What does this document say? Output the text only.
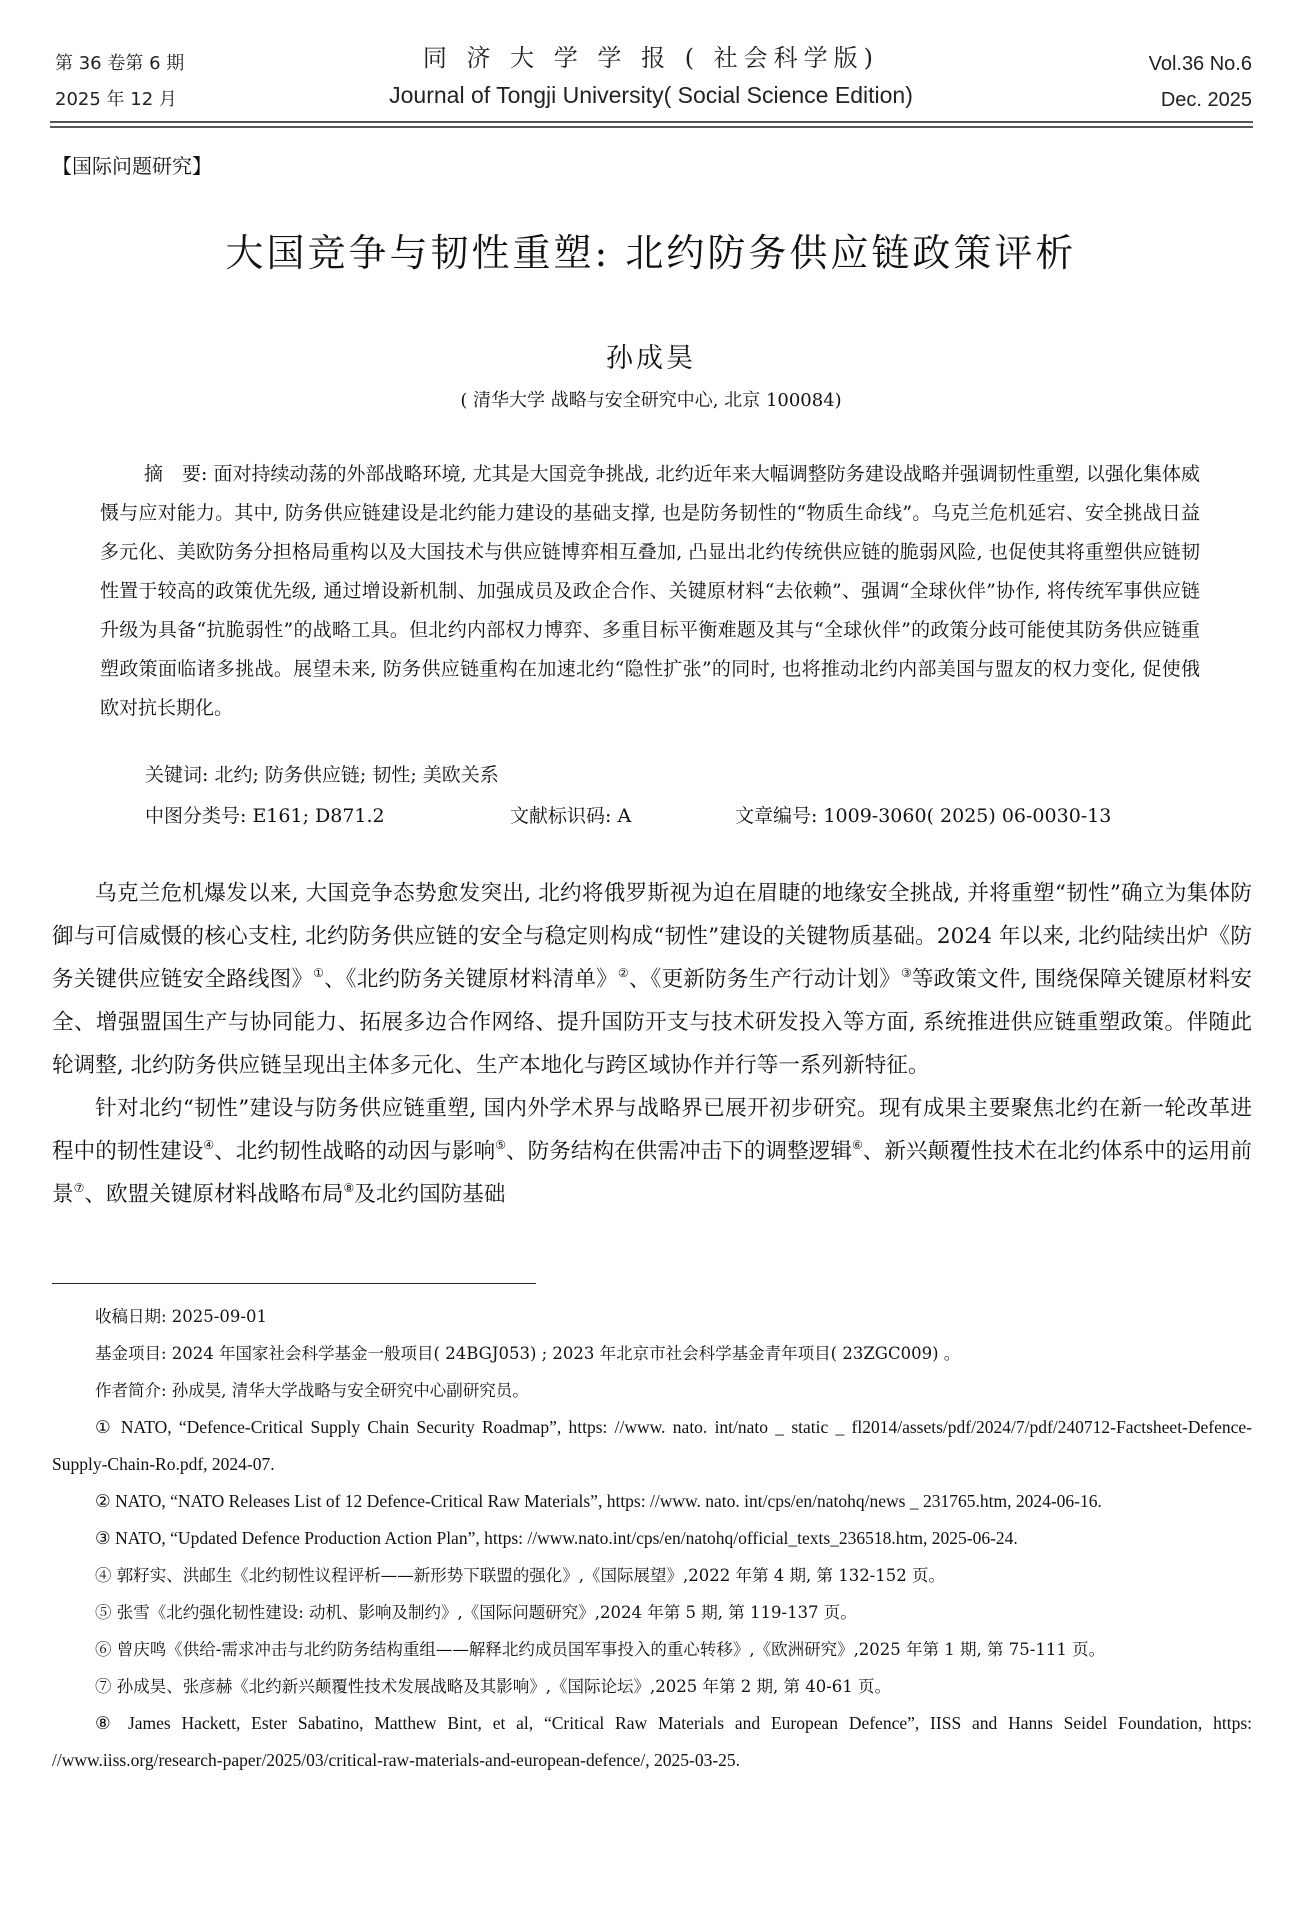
第 36 卷第 6 期
2025 年 12 月
同 济 大 学 学 报 ( 社会科学版)
Journal of Tongji University( Social Science Edition)
Vol.36 No.6
Dec. 2025
【国际问题研究】
大国竞争与韧性重塑: 北约防务供应链政策评析
孙成昊
( 清华大学 战略与安全研究中心, 北京 100084)
摘　要: 面对持续动荡的外部战略环境, 尤其是大国竞争挑战, 北约近年来大幅调整防务建设战略并强调韧性重塑, 以强化集体威慑与应对能力。其中, 防务供应链建设是北约能力建设的基础支撑, 也是防务韧性的“物质生命线”。乌克兰危机延宕、安全挑战日益多元化、美欧防务分担格局重构以及大国技术与供应链博弈相互叠加, 凸显出北约传统供应链的脆弱风险, 也促使其将重塑供应链韧性置于较高的政策优先级, 通过增设新机制、加强成员及政企合作、关键原材料“去依赖”、强调“全球伙伴”协作, 将传统军事供应链升级为具备“抗脆弱性”的战略工具。但北约内部权力博弈、多重目标平衡难题及其与“全球伙伴”的政策分歧可能使其防务供应链重塑政策面临诸多挑战。展望未来, 防务供应链重构在加速北约“隐性扩张”的同时, 也将推动北约内部美国与盟友的权力变化, 促使俄欧对抗长期化。
关键词: 北约; 防务供应链; 韧性; 美欧关系
中图分类号: E161; D871.2	文献标识码: A	文章编号: 1009-3060( 2025) 06-0030-13

乌克兰危机爆发以来, 大国竞争态势愈发突出, 北约将俄罗斯视为迫在眉睫的地缘安全挑战, 并将重塑“韧性”确立为集体防御与可信威慑的核心支柱, 北约防务供应链的安全与稳定则构成“韧性”建设的关键物质基础。2024 年以来, 北约陆续出炉《防务关键供应链安全路线图》①、《北约防务关键原材料清单》②、《更新防务生产行动计划》③等政策文件, 围绕保障关键原材料安全、增强盟国生产与协同能力、拓展多边合作网络、提升国防开支与技术研发投入等方面, 系统推进供应链重塑政策。伴随此轮调整, 北约防务供应链呈现出主体多元化、生产本地化与跨区域协作并行等一系列新特征。

针对北约“韧性”建设与防务供应链重塑, 国内外学术界与战略界已展开初步研究。现有成果主要聚焦北约在新一轮改革进程中的韧性建设④、北约韧性战略的动因与影响⑤、防务结构在供需冲击下的调整逻辑⑥、新兴颠覆性技术在北约体系中的运用前景⑦、欧盟关键原材料战略布局⑧及北约国防基础

收稿日期: 2025-09-01

基金项目: 2024 年国家社会科学基金一般项目( 24BGJ053) ; 2023 年北京市社会科学基金青年项目( 23ZGC009) 。

作者简介: 孙成昊, 清华大学战略与安全研究中心副研究员。

① NATO, “Defence-Critical Supply Chain Security Roadmap”, https: //www. nato. int/nato _ static _ fl2014/assets/pdf/2024/7/pdf/240712-Factsheet-Defence-Supply-Chain-Ro.pdf, 2024-07.

② NATO, “NATO Releases List of 12 Defence-Critical Raw Materials”, https: //www. nato. int/cps/en/natohq/news _ 231765.htm, 2024-06-16.

③ NATO, “Updated Defence Production Action Plan”, https: //www.nato.int/cps/en/natohq/official_texts_236518.htm, 2025-06-24.

④ 郭籽实、洪邮生《北约韧性议程评析——新形势下联盟的强化》,《国际展望》,2022 年第 4 期, 第 132-152 页。

⑤ 张雪《北约强化韧性建设: 动机、影响及制约》,《国际问题研究》,2024 年第 5 期, 第 119-137 页。

⑥ 曾庆鸣《供给-需求冲击与北约防务结构重组——解释北约成员国军事投入的重心转移》,《欧洲研究》,2025 年第 1 期, 第 75-111 页。

⑦ 孙成昊、张彦赫《北约新兴颠覆性技术发展战略及其影响》,《国际论坛》,2025 年第 2 期, 第 40-61 页。

⑧ James Hackett, Ester Sabatino, Matthew Bint, et al, “Critical Raw Materials and European Defence”, IISS and Hanns Seidel Foundation, https: //www.iiss.org/research-paper/2025/03/critical-raw-materials-and-european-defence/, 2025-03-25.
